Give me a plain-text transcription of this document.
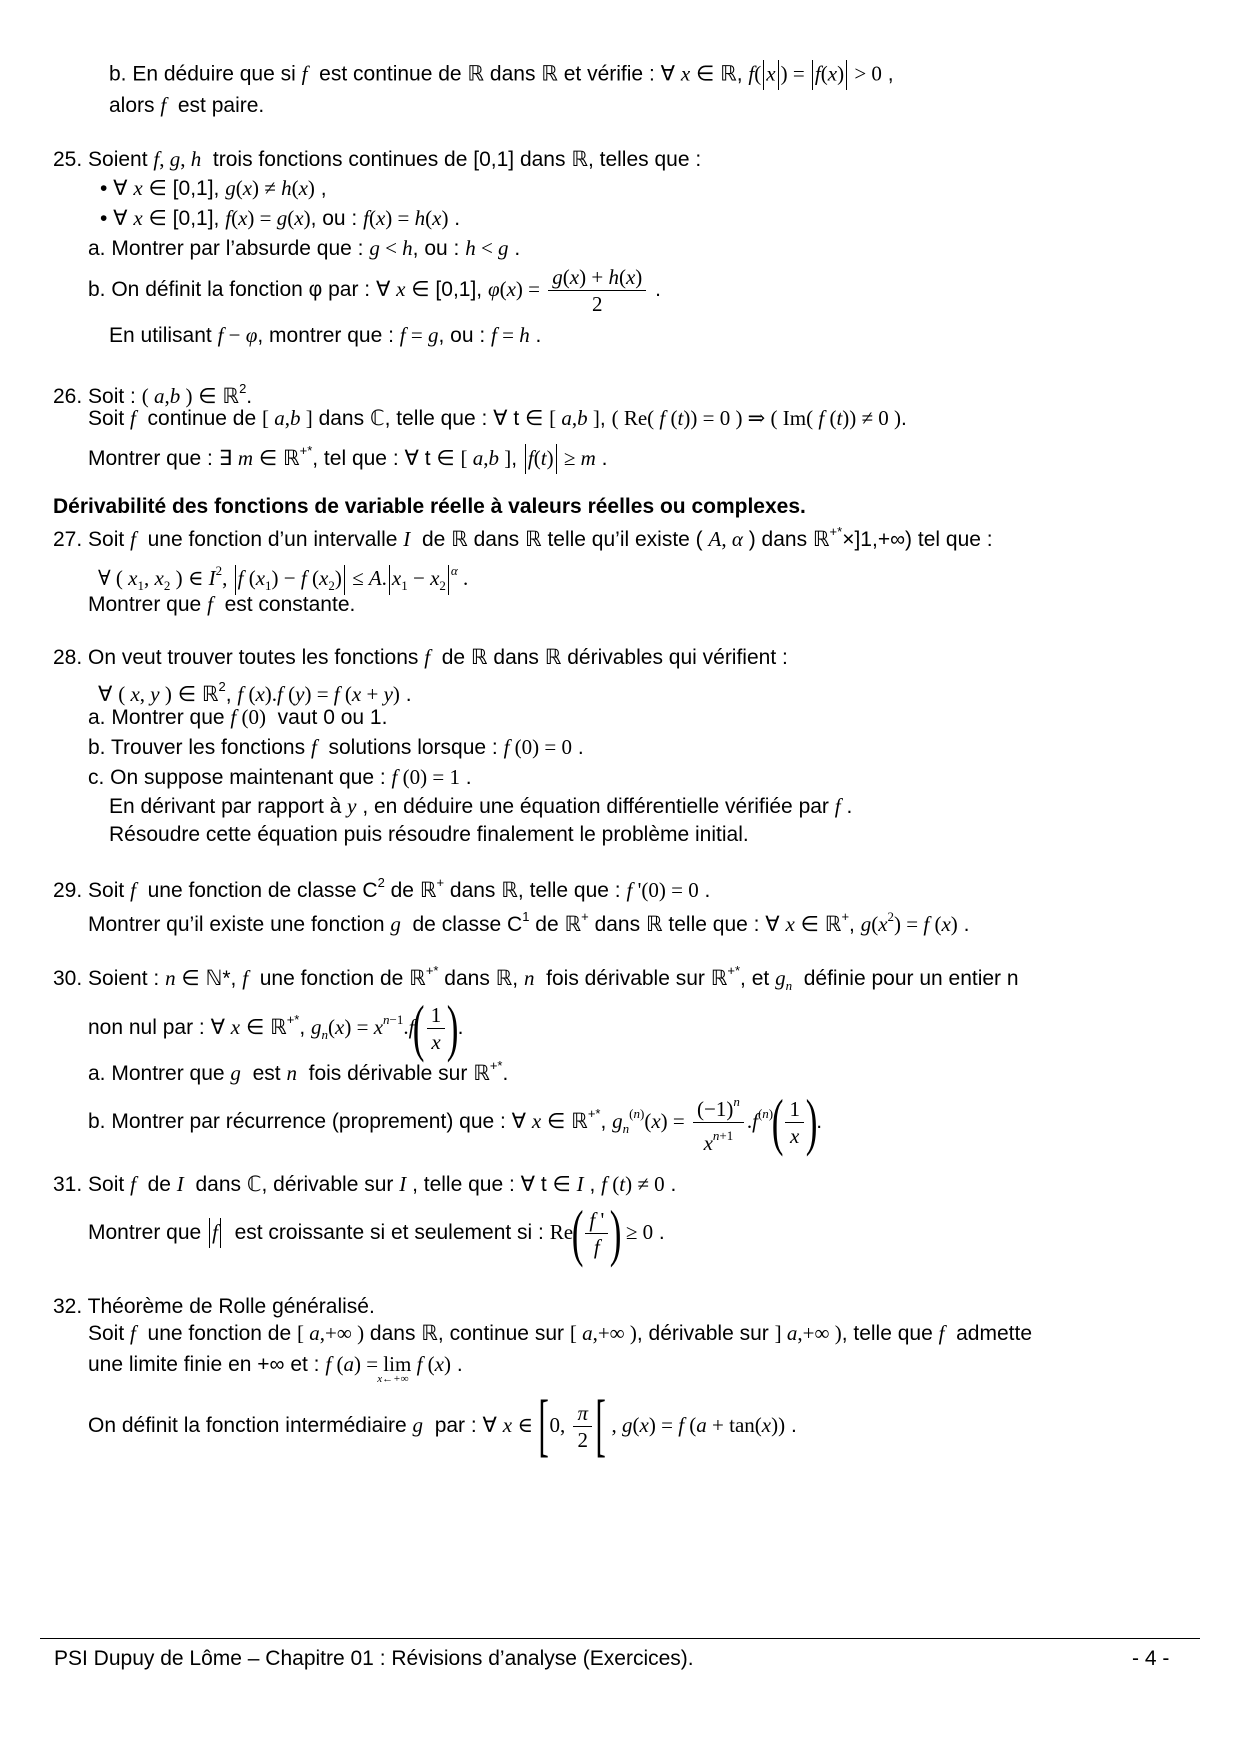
b. En déduire que si f  est continue de ℝ dans ℝ et vérifie : ∀ x ∈ ℝ, f( x ) = f(x) > 0 ,
alors f  est paire.
25. Soient f, g, h  trois fonctions continues de [0,1] dans ℝ, telles que :
• ∀ x ∈ [0,1], g(x) ≠ h(x) ,
• ∀ x ∈ [0,1], f(x) = g(x), ou : f(x) = h(x) .
a. Montrer par l’absurde que : g < h, ou : h < g .
b. On définit la fonction φ par : ∀ x ∈ [0,1], $\varphi(x) = \frac{g(x) + h(x)}{2}$ .
En utilisant f − φ, montrer que : f = g, ou : f = h .
26. Soit : ( a,b ) ∈ ℝ$^2$.
Soit f  continue de [ a,b ] dans ℂ, telle que : ∀ t ∈ [ a,b ], ( Re( f (t)) = 0 ) ⇒ ( Im( f (t)) ≠ 0 ).
Montrer que : ∃ m ∈ ℝ+*, tel que : ∀ t ∈ [ a,b ], f(t) ≥ m .
Dérivabilité des fonctions de variable réelle à valeurs réelles ou complexes.
27. Soit f  une fonction d’un intervalle I  de ℝ dans ℝ telle qu’il existe ( A, α ) dans ℝ+*×]1,+∞) tel que :
∀ ( $x_1$, $x_2$ ) ∈ $I^2$, f $(x_1) - f$ $(x_2) \le A$. $x_1 - x_2^\alpha$ .
Montrer que f  est constante.
28. On veut trouver toutes les fonctions f  de ℝ dans ℝ dérivables qui vérifient :
∀ ( x, y ) ∈ ℝ$^2$, f (x).f (y) = f (x + y) .
a. Montrer que f (0)  vaut 0 ou 1.
b. Trouver les fonctions f  solutions lorsque : f (0) = 0 .
c. On suppose maintenant que : f (0) = 1 .
En dérivant par rapport à y , en déduire une équation différentielle vérifiée par f .
Résoudre cette équation puis résoudre finalement le problème initial.
29. Soit f  une fonction de classe $C^2$ de ℝ+ dans ℝ, telle que : f '(0) = 0 .
Montrer qu’il existe une fonction g  de classe $C^1$ de ℝ+ dans ℝ telle que : ∀ x ∈ ℝ+, $g(x^2) = f$ (x) .
30. Soient : n ∈ ℕ*, f  une fonction de ℝ+* dans ℝ, n  fois dérivable sur ℝ+*, et $g_n$  définie pour un entier n
non nul par : ∀ x ∈ ℝ+*, $g_n(x) = x^{n-1}.f( \frac{1}{x}$ ).
a. Montrer que g  est n  fois dérivable sur ℝ+*.
b. Montrer par récurrence (proprement) que : ∀ x ∈ ℝ+*, $g_n^{(n)}(x) = \frac{(-1)^n}{x^{n+1}} .f^{(n)}( \frac{1}{x}$ ).
31. Soit f  de I  dans ℂ, dérivable sur I , telle que : ∀ t ∈ I , f (t) ≠ 0 .
Montrer que f  est croissante si et seulement si : $Re( \frac{f '}{f}$ ) ≥ 0 .
32. Théorème de Rolle généralisé.
Soit f  une fonction de [ a,+∞ ) dans ℝ, continue sur [ a,+∞ ), dérivable sur ] a,+∞ ), telle que f  admette
une limite finie en +∞ et : f (a) = lim
x←+∞
f (x) .
On définit la fonction intermédiaire g  par : ∀ x ∈ [0, $\frac{\pi}{2}$ [ , g(x) = f (a + tan(x)) .
PSI Dupuy de Lôme – Chapitre 01 : Révisions d’analyse (Exercices).	- 4 -
